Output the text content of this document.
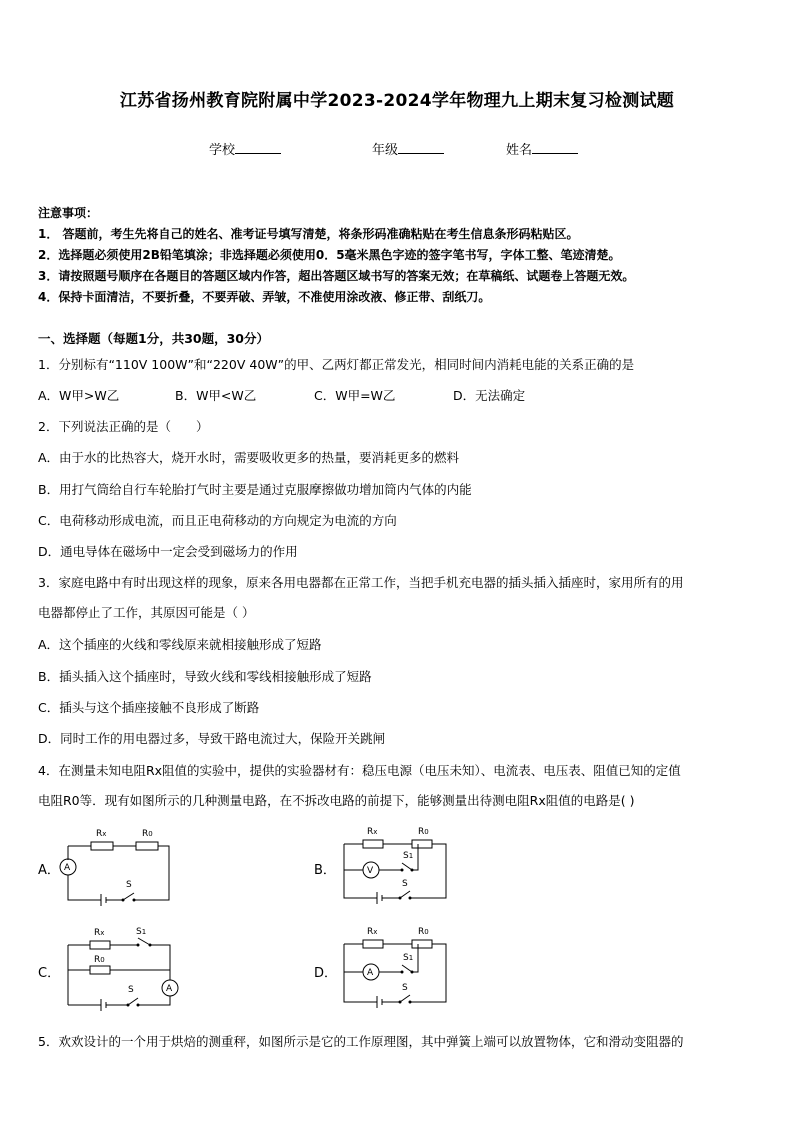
江苏省扬州教育院附属中学2023-2024学年物理九上期末复习检测试题
学校	年级	姓名
注意事项：
1． 答题前，考生先将自己的姓名、准考证号填写清楚，将条形码准确粘贴在考生信息条形码粘贴区。
2．选择题必须使用2B铅笔填涂；非选择题必须使用0．5毫米黑色字迹的签字笔书写，字体工整、笔迹清楚。
3．请按照题号顺序在各题目的答题区域内作答，超出答题区域书写的答案无效；在草稿纸、试题卷上答题无效。
4．保持卡面清洁，不要折叠，不要弄破、弄皱，不准使用涂改液、修正带、刮纸刀。
一、选择题（每题1分，共30题，30分）
1．分别标有“110V 100W”和“220V 40W”的甲、乙两灯都正常发光，相同时间内消耗电能的关系正确的是
A．W甲>W乙	B．W甲<W乙	C．W甲=W乙	D．无法确定
2．下列说法正确的是（　　）
A．由于水的比热容大，烧开水时，需要吸收更多的热量，要消耗更多的燃料
B．用打气筒给自行车轮胎打气时主要是通过克服摩擦做功增加筒内气体的内能
C．电荷移动形成电流，而且正电荷移动的方向规定为电流的方向
D．通电导体在磁场中一定会受到磁场力的作用
3．家庭电路中有时出现这样的现象，原来各用电器都在正常工作，当把手机充电器的插头插入插座时，家用所有的用
电器都停止了工作，其原因可能是（ ）
A．这个插座的火线和零线原来就相接触形成了短路
B．插头插入这个插座时，导致火线和零线相接触形成了短路
C．插头与这个插座接触不良形成了断路
D．同时工作的用电器过多，导致干路电流过大，保险开关跳闸
4．在测量未知电阻Rx阻值的实验中，提供的实验器材有：稳压电源（电压未知）、电流表、电压表、阻值已知的定值
电阻R0等．现有如图所示的几种测量电路，在不拆改电路的前提下，能够测量出待测电阻Rx阻值的电路是( )
A．	B．
C．	D．
Rx	R0
A
S
Rx	R0
V
S1
S
Rx
R0
S1
A
S
Rx	R0
A
S1
S
5．欢欢设计的一个用于烘焙的测重秤，如图所示是它的工作原理图，其中弹簧上端可以放置物体，它和滑动变阻器的
